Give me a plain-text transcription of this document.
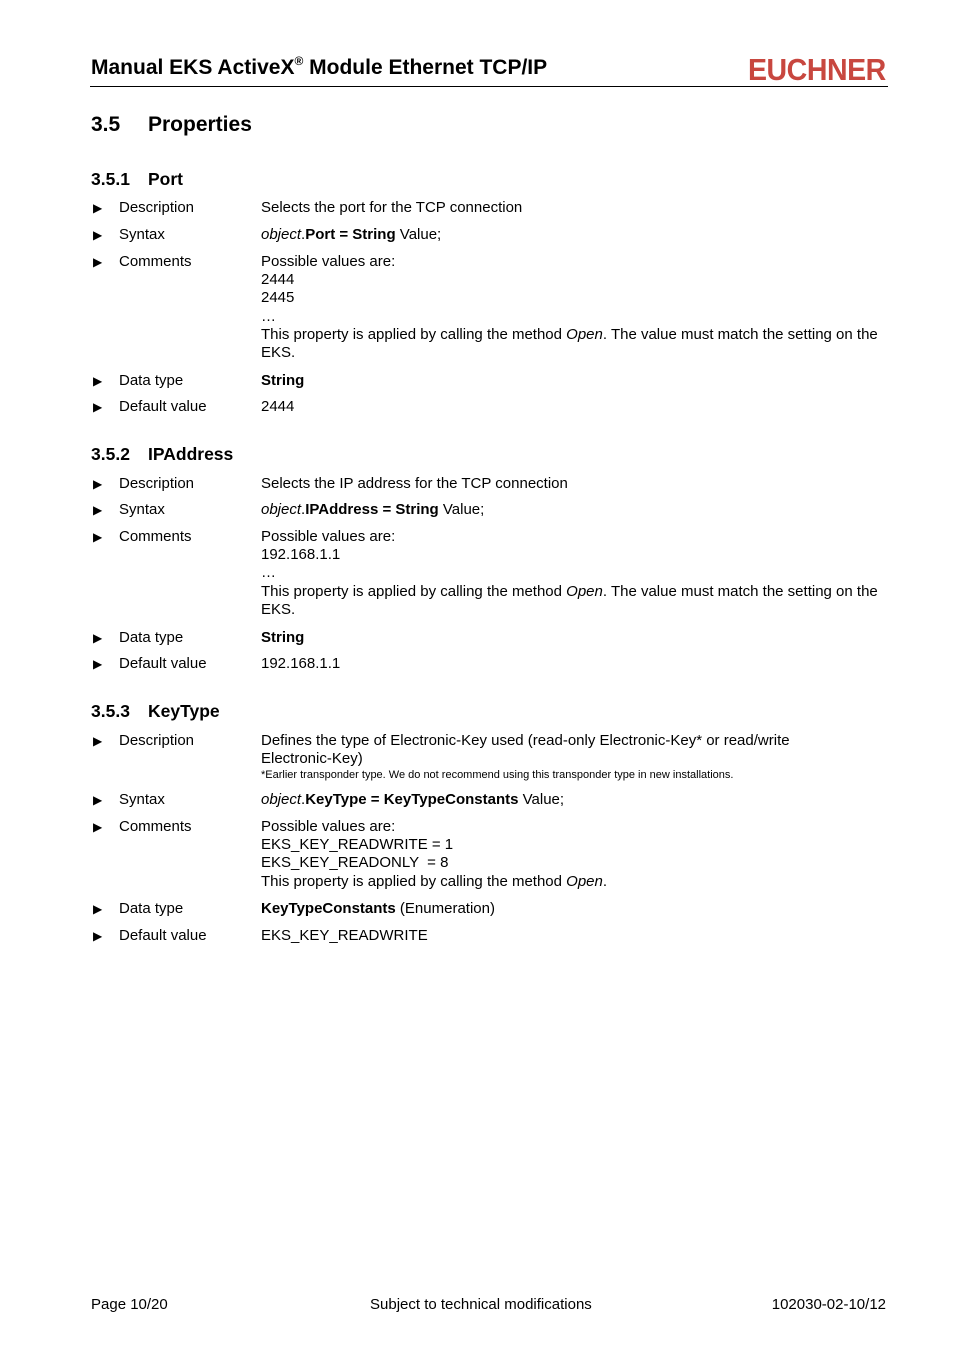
Manual EKS ActiveX® Module Ethernet TCP/IP	EUCHNER
3.5 Properties
3.5.1 Port
▶ Description	Selects the port for the TCP connection
▶ Syntax	object.Port = String Value;
▶ Comments	Possible values are:
2444
2445
…
This property is applied by calling the method Open. The value must match the setting on the EKS.
▶ Data type	String
▶ Default value	2444
3.5.2 IPAddress
▶ Description	Selects the IP address for the TCP connection
▶ Syntax	object.IPAddress = String Value;
▶ Comments	Possible values are:
192.168.1.1
…
This property is applied by calling the method Open. The value must match the setting on the EKS.
▶ Data type	String
▶ Default value	192.168.1.1
3.5.3 KeyType
▶ Description	Defines the type of Electronic-Key used (read-only Electronic-Key* or read/write Electronic-Key)
*Earlier transponder type. We do not recommend using this transponder type in new installations.
▶ Syntax	object.KeyType = KeyTypeConstants Value;
▶ Comments	Possible values are:
EKS_KEY_READWRITE = 1
EKS_KEY_READONLY  = 8
This property is applied by calling the method Open.
▶ Data type	KeyTypeConstants (Enumeration)
▶ Default value	EKS_KEY_READWRITE
Page 10/20	Subject to technical modifications	102030-02-10/12
